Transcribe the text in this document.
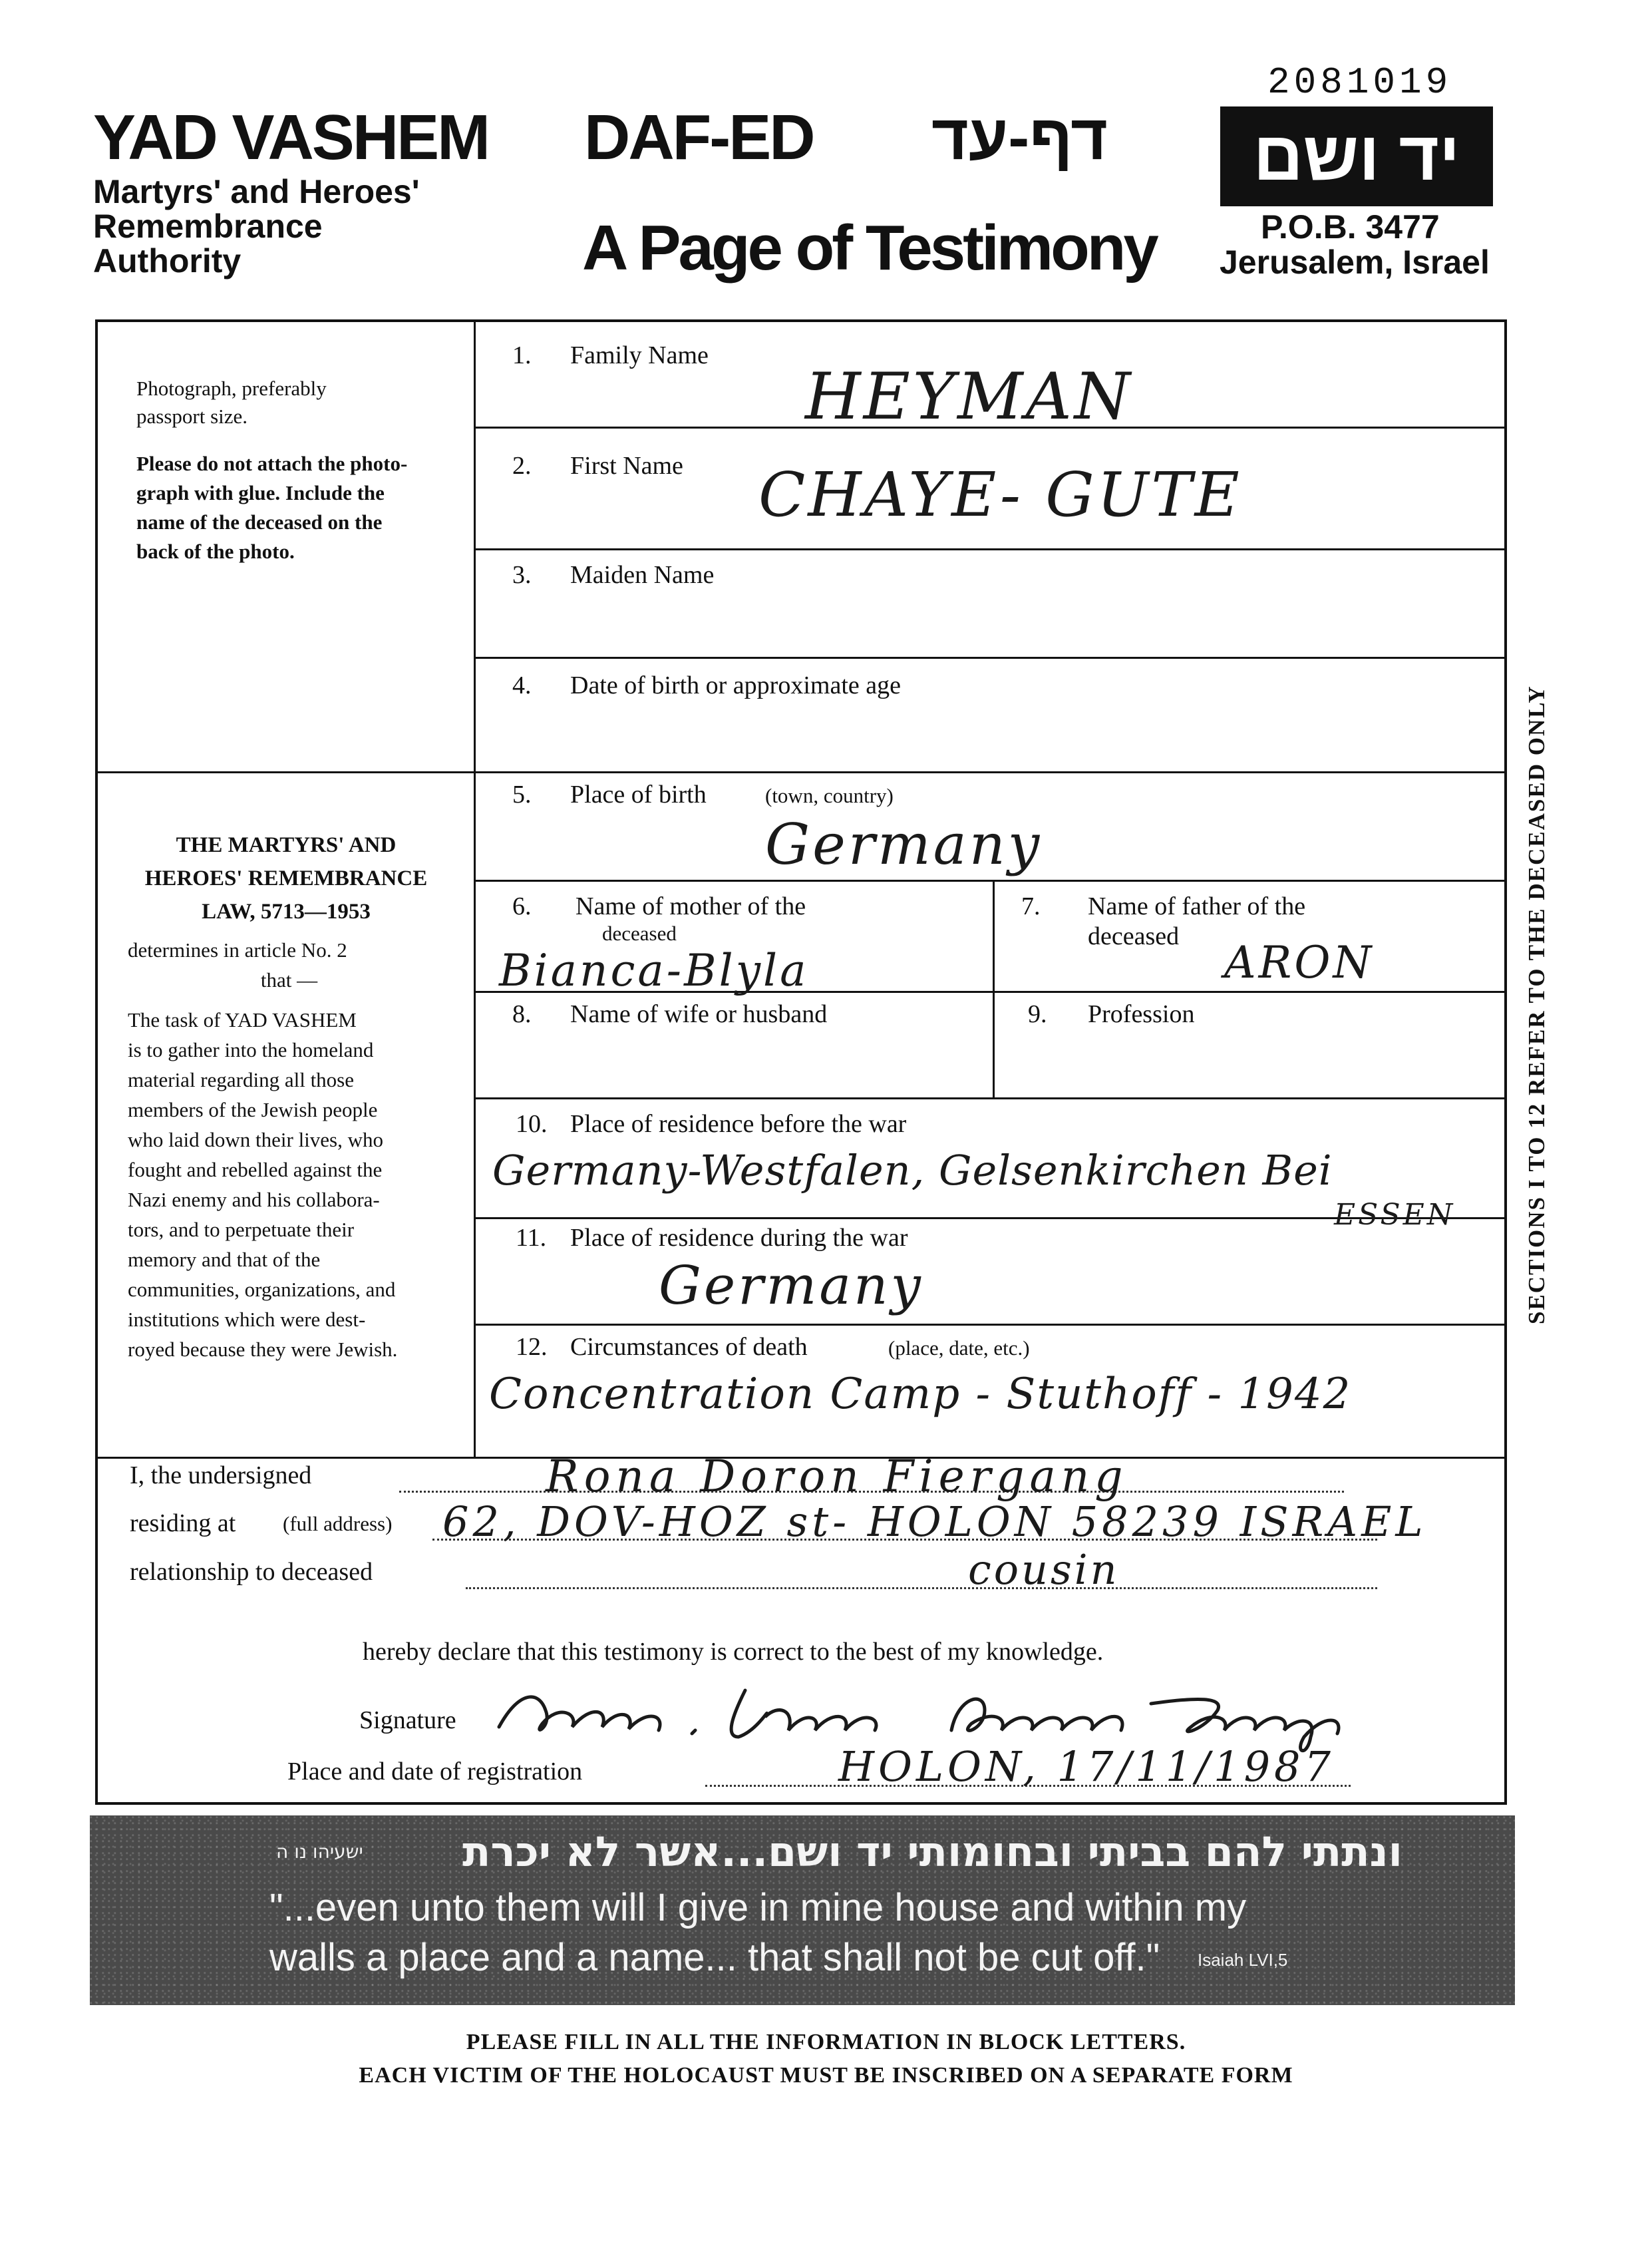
2081019
YAD VASHEM
Martyrs' and Heroes'
Remembrance
Authority
DAF-ED דף-עד
A Page of Testimony
יד ושם
P.O.B. 3477
Jerusalem, Israel
Photograph, preferably
passport size.
Please do not attach the photo-
graph with glue. Include the
name of the deceased on the
back of the photo.
THE MARTYRS' AND
HEROES' REMEMBRANCE
LAW, 5713—1953
determines in article No. 2
that —
The task of YAD VASHEM
is to gather into the homeland
material regarding all those
members of the Jewish people
who laid down their lives, who
fought and rebelled against the
Nazi enemy and his collabora-
tors, and to perpetuate their
memory and that of the
communities, organizations, and
institutions which were dest-
royed because they were Jewish.
1. Family Name
HEYMAN
2. First Name CHAYE- GUTE
3. Maiden Name
4. Date of birth or approximate age
5. Place of birth	(town, country)
Germany
6. Name of mother of the
deceased
Bianca-Blyla
7. Name of father of the
deceased
ARON
8. Name of wife or husband	9. Profession
10. Place of residence before the war
Germany-Westfalen, Gelsenkirchen Bei
ESSEN
11. Place of residence during the war
Germany
12. Circumstances of death	(place, date, etc.)
Concentration Camp - Stuthoff - 1942
SECTIONS I TO 12 REFER TO THE DECEASED ONLY
I, the undersigned	Rona Doron Fiergang
residing at (full address) 62, DOV-HOZ st- HOLON 58239 ISRAEL
relationship to deceased	cousin
hereby declare that this testimony is correct to the best of my knowledge.
Signature
Place and date of registration	HOLON, 17/11/1987
ונתתי להם בביתי ובחומותי יד ושם...אשר לא יכרת
ישעיהו נו ה
"...even unto them will I give in mine house and within my
walls a place and a name... that shall not be cut off." Isaiah LVI,5
PLEASE FILL IN ALL THE INFORMATION IN BLOCK LETTERS.
EACH VICTIM OF THE HOLOCAUST MUST BE INSCRIBED ON A SEPARATE FORM
